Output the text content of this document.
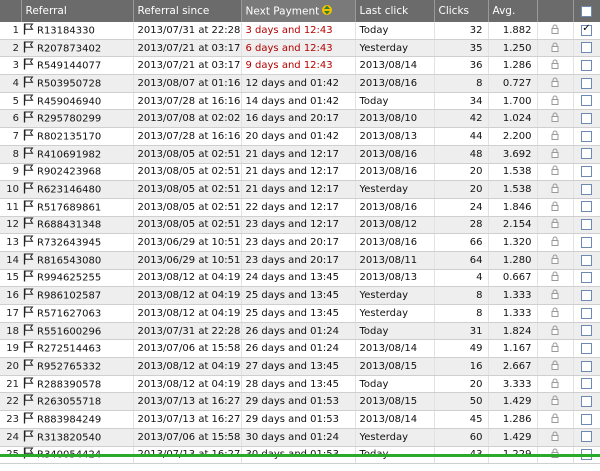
	Referral	Referral since	Next Payment	Last click	Clicks	Avg.		
1	R13184330	2013/07/31 at 22:28	3 days and 12:43	Today	32	1.882		✓
2	R207873402	2013/07/21 at 03:17	6 days and 12:43	Yesterday	35	1.250		
3	R549144077	2013/07/21 at 03:17	9 days and 12:43	2013/08/14	36	1.286		
4	R503950728	2013/08/07 at 01:16	12 days and 01:42	2013/08/16	8	0.727		
5	R459046940	2013/07/28 at 16:16	14 days and 01:42	Today	34	1.700		
6	R295780299	2013/07/08 at 02:02	16 days and 20:17	2013/08/10	42	1.024		
7	R802135170	2013/07/28 at 16:16	20 days and 01:42	2013/08/13	44	2.200		
8	R410691982	2013/08/05 at 02:51	21 days and 12:17	2013/08/16	48	3.692		
9	R902423968	2013/08/05 at 02:51	21 days and 12:17	2013/08/16	20	1.538		
10	R623146480	2013/08/05 at 02:51	21 days and 12:17	Yesterday	20	1.538		
11	R517689861	2013/08/05 at 02:51	22 days and 12:17	2013/08/16	24	1.846		
12	R688431348	2013/08/05 at 02:51	23 days and 12:17	2013/08/12	28	2.154		
13	R732643945	2013/06/29 at 10:51	23 days and 20:17	2013/08/16	66	1.320		
14	R816543080	2013/06/29 at 10:51	23 days and 20:17	2013/08/11	64	1.280		
15	R994625255	2013/08/12 at 04:19	24 days and 13:45	2013/08/13	4	0.667		
16	R986102587	2013/08/12 at 04:19	25 days and 13:45	Yesterday	8	1.333		
17	R571627063	2013/08/12 at 04:19	25 days and 13:45	Yesterday	8	1.333		
18	R551600296	2013/07/31 at 22:28	26 days and 01:24	Today	31	1.824		
19	R272514463	2013/07/06 at 15:58	26 days and 01:24	2013/08/14	49	1.167		
20	R952765332	2013/08/12 at 04:19	27 days and 13:45	2013/08/15	16	2.667		
21	R288390578	2013/08/12 at 04:19	28 days and 13:45	Today	20	3.333		
22	R263055718	2013/07/13 at 16:27	29 days and 01:53	2013/08/15	50	1.429		
23	R883984249	2013/07/13 at 16:27	29 days and 01:53	2013/08/14	45	1.286		
24	R313820540	2013/07/06 at 15:58	30 days and 01:24	Yesterday	60	1.429		
